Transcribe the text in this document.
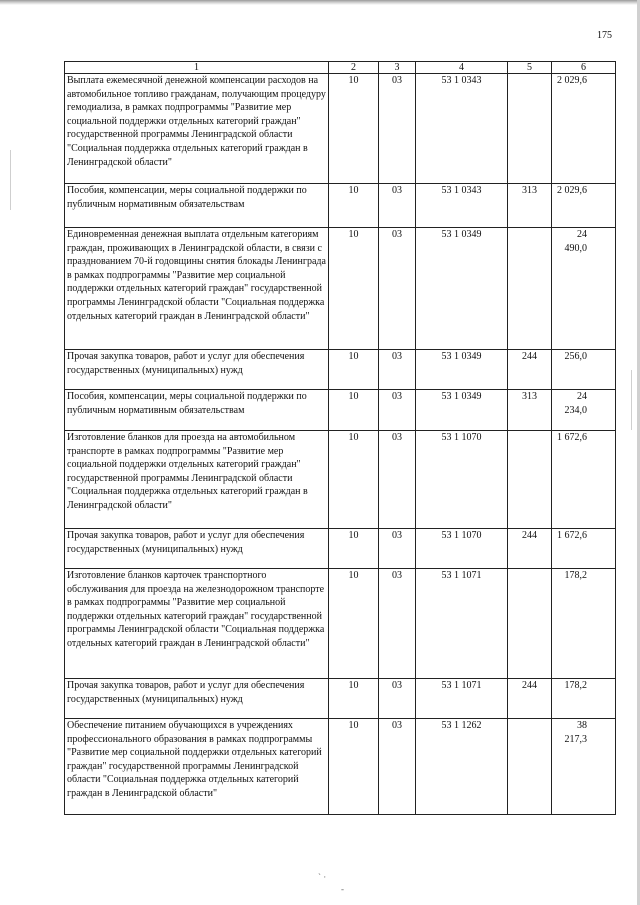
175
1	2	3	4	5	6
Выплата ежемесячной денежной компенсации расходов на автомобильное топливо гражданам, получающим процедуру гемодиализа, в рамках подпрограммы "Развитие мер социальной поддержки отдельных категорий граждан" государственной программы Ленинградской области "Социальная поддержка отдельных категорий граждан в Ленинградской области"	10	03	53 1 0343		2 029,6
Пособия, компенсации, меры социальной поддержки по публичным нормативным обязательствам	10	03	53 1 0343	313	2 029,6
Единовременная денежная выплата отдельным категориям граждан, проживающих в Ленинградской области, в связи с празднованием 70-й годовщины снятия блокады Ленинграда в рамках подпрограммы "Развитие мер социальной поддержки отдельных категорий граждан" государственной программы Ленинградской области "Социальная поддержка отдельных категорий граждан в Ленинградской области"	10	03	53 1 0349		24 490,0
Прочая закупка товаров, работ и услуг для обеспечения государственных (муниципальных) нужд	10	03	53 1 0349	244	256,0
Пособия, компенсации, меры социальной поддержки по публичным нормативным обязательствам	10	03	53 1 0349	313	24 234,0
Изготовление бланков для проезда на автомобильном транспорте в рамках подпрограммы "Развитие мер социальной поддержки отдельных категорий граждан" государственной программы Ленинградской области "Социальная поддержка отдельных категорий граждан в Ленинградской области"	10	03	53 1 1070		1 672,6
Прочая закупка товаров, работ и услуг для обеспечения государственных (муниципальных) нужд	10	03	53 1 1070	244	1 672,6
Изготовление бланков карточек транспортного обслуживания для проезда на железнодорожном транспорте в рамках подпрограммы "Развитие мер социальной поддержки отдельных категорий граждан" государственной программы Ленинградской области "Социальная поддержка отдельных категорий граждан в Ленинградской области"	10	03	53 1 1071		178,2
Прочая закупка товаров, работ и услуг для обеспечения государственных (муниципальных) нужд	10	03	53 1 1071	244	178,2
Обеспечение питанием обучающихся в учреждениях профессионального образования в рамках подпрограммы "Развитие мер социальной поддержки отдельных категорий граждан" государственной программы Ленинградской области "Социальная поддержка отдельных категорий граждан в Ленинградской области"	10	03	53 1 1262		38 217,3
` ·
-
